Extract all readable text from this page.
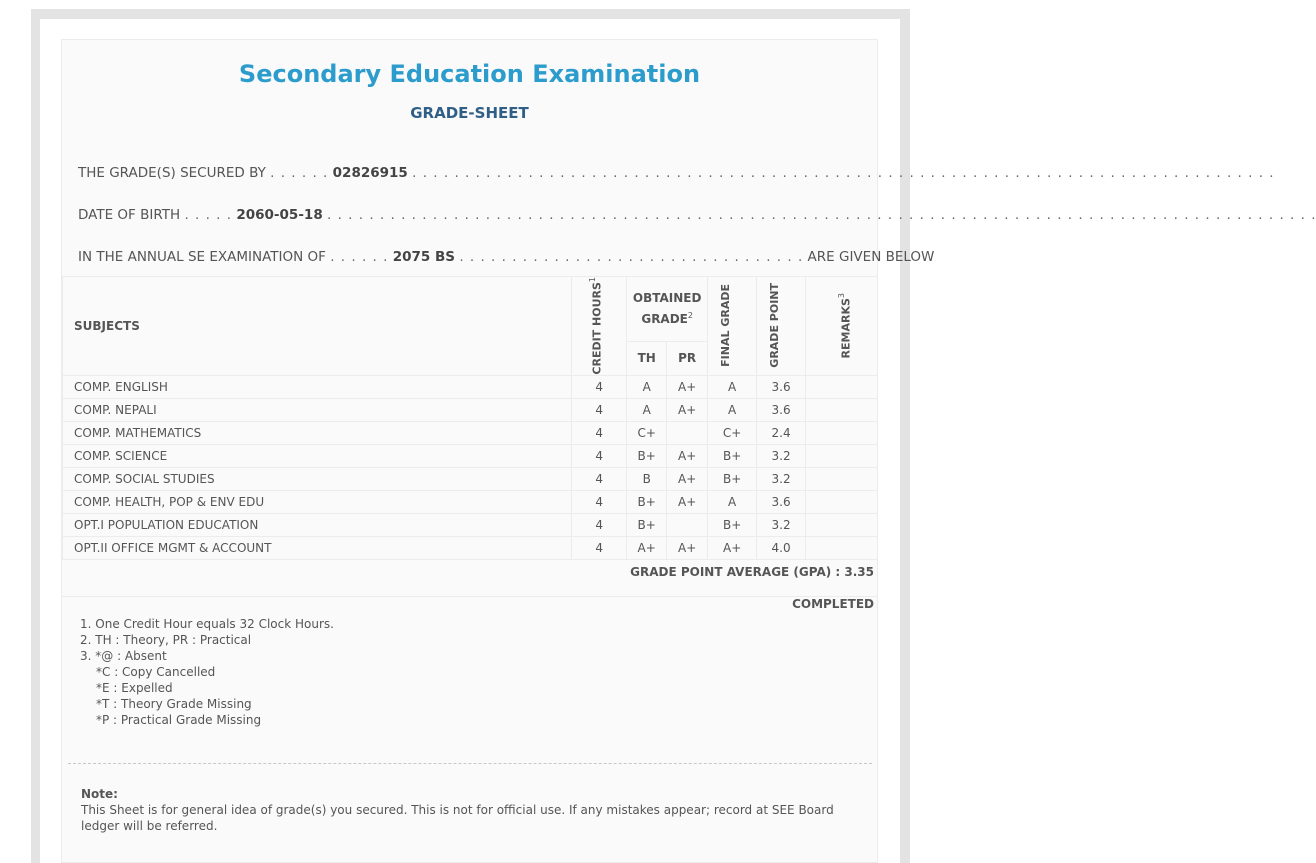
Secondary Education Examination
GRADE-SHEET
THE GRADE(S) SECURED BY . . . . . . 02826915 . . . . . . . . . . . . . . . . . . . . . . . . . . . . . . . . . . . . . . . . . . . . . . . . . . . . . . . . . . . . . . . . . . . . . . . . . . . . . . . . . .
DATE OF BIRTH . . . . . 2060-05-18 . . . . . . . . . . . . . . . . . . . . . . . . . . . . . . . . . . . . . . . . . . . . . . . . . . . . . . . . . . . . . . . . . . . . . . . . . . . . . . . . . . . . . . . . . . . . . .
IN THE ANNUAL SE EXAMINATION OF . . . . . . 2075 BS . . . . . . . . . . . . . . . . . . . . . . . . . . . . . . . . . ARE GIVEN BELOW
SUBJECTS	CREDIT HOURS$^1$	OBTAINED GRADE$^2$		FINAL GRADE	GRADE POINT	REMARKS$^3$

		TH	PR			
COMP. ENGLISH	4	A	A+	A	3.6	
COMP. NEPALI	4	A	A+	A	3.6	
COMP. MATHEMATICS	4	C+		C+	2.4	
COMP. SCIENCE	4	B+	A+	B+	3.2	
COMP. SOCIAL STUDIES	4	B	A+	B+	3.2	
COMP. HEALTH, POP & ENV EDU	4	B+	A+	A	3.6	
OPT.I POPULATION EDUCATION	4	B+		B+	3.2	
OPT.II OFFICE MGMT & ACCOUNT	4	A+	A+	A+	4.0	
GRADE POINT AVERAGE (GPA) : 3.35
COMPLETED
1. One Credit Hour equals 32 Clock Hours.
2. TH : Theory, PR : Practical
3. *@ : Absent
*C : Copy Cancelled
*E : Expelled
*T : Theory Grade Missing
*P : Practical Grade Missing
Note:
This Sheet is for general idea of grade(s) you secured. This is not for official use. If any mistakes appear; record at SEE Board ledger will be referred.
